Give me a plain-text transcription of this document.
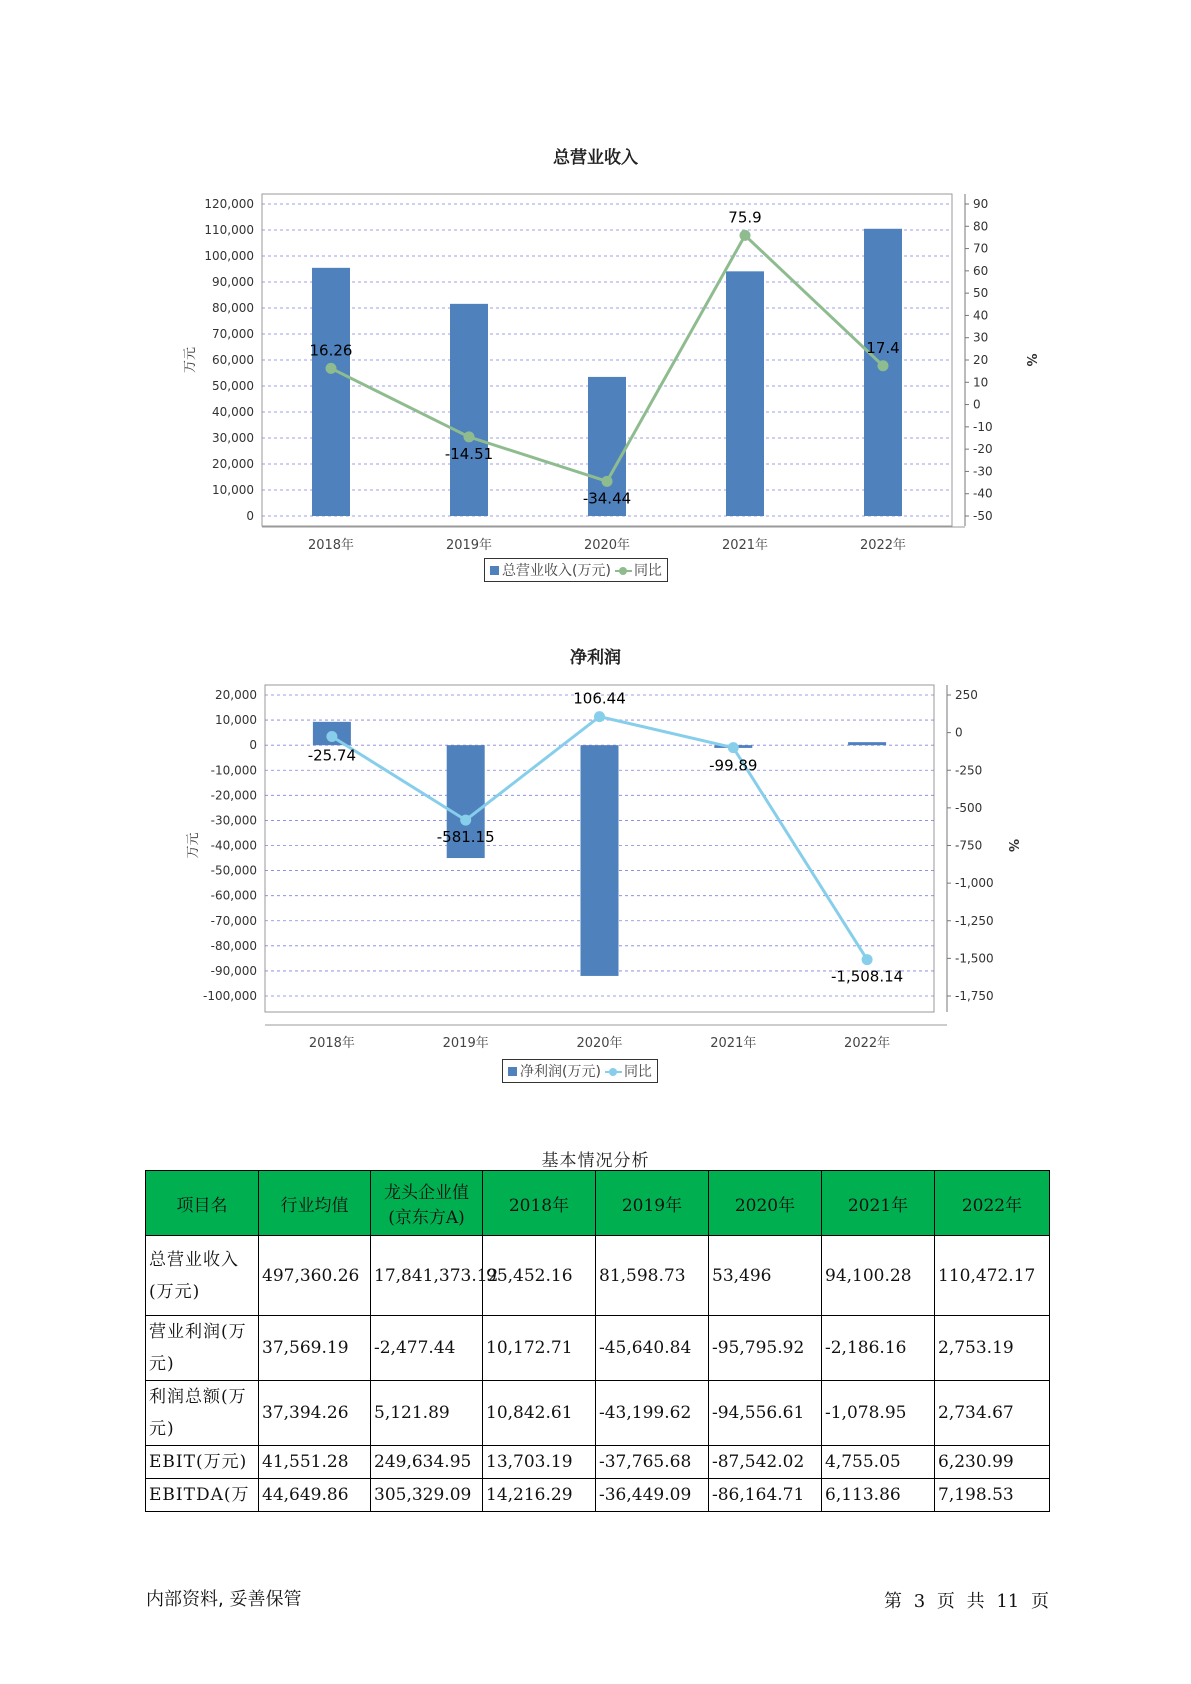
总营业收入
120,000
110,000
100,000
90,000
80,000
70,000
60,000
50,000
40,000
30,000
20,000
10,000
0
90
80
70
60
50
40
30
20
10
0
-10
-20
-30
-40
-50
万元	%
2018年	2019年	2020年	2021年	2022年
16.26
-14.51
-34.44
75.9
17.4
总营业收入(万元) 同比
净利润
20,000
10,000
0
-10,000
-20,000
-30,000
-40,000
-50,000
-60,000
-70,000
-80,000
-90,000
-100,000
250
0
-250
-500
-750
-1,000
-1,250
-1,500
-1,750
万元	%
2018年	2019年	2020年	2021年	2022年
-25.74
-581.15
106.44
-99.89
-1,508.14
净利润(万元) 同比
基本情况分析
项目名	行业均值	龙头企业值(京东方A)	2018年	2019年	2020年	2021年	2022年
总营业收入(万元)	497,360.26	17,841,373.12	95,452.16	81,598.73	53,496	94,100.28	110,472.17
营业利润(万元)	37,569.19	-2,477.44	10,172.71	-45,640.84	-95,795.92	-2,186.16	2,753.19
利润总额(万元)	37,394.26	5,121.89	10,842.61	-43,199.62	-94,556.61	-1,078.95	2,734.67
EBIT(万元)	41,551.28	249,634.95	13,703.19	-37,765.68	-87,542.02	4,755.05	6,230.99
EBITDA(万	44,649.86	305,329.09	14,216.29	-36,449.09	-86,164.71	6,113.86	7,198.53
内部资料, 妥善保管	第 3 页 共 11 页
